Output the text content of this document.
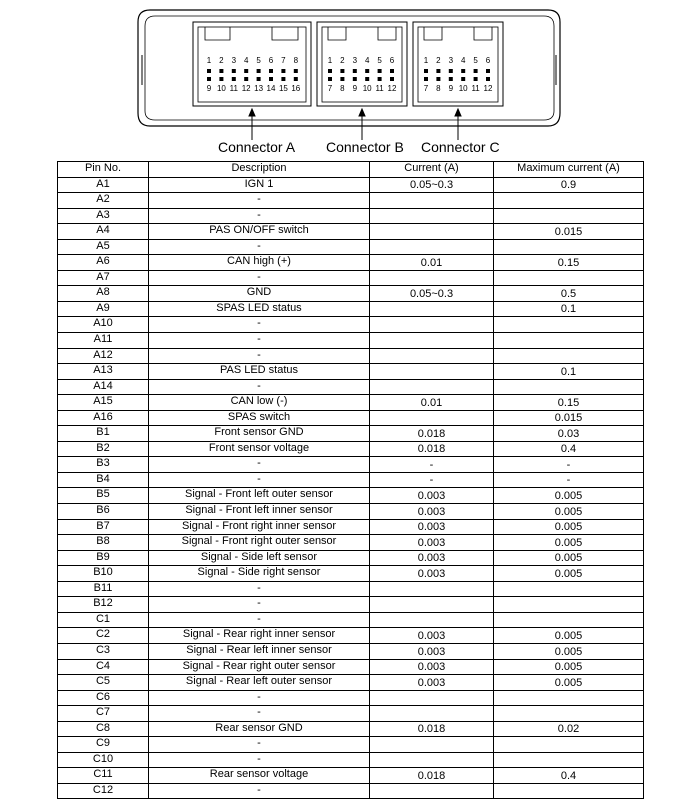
1 2 3 4 5 6 7 8
9 10 11 12 13 14 15 16
1 2 3 4 5 6
7 8 9 10 11 12
1 2 3 4 5 6
7 8 9 10 11 12
Connector A Connector B Connector C
Pin No.	Description	Current (A)	Maximum current (A)
A1	IGN 1	0.05~0.3	0.9
A2	-		
A3	-		
A4	PAS ON/OFF switch		0.015
A5	-		
A6	CAN high (+)	0.01	0.15
A7	-		
A8	GND	0.05~0.3	0.5
A9	SPAS LED status		0.1
A10	-		
A11	-		
A12	-		
A13	PAS LED status		0.1
A14	-		
A15	CAN low (-)	0.01	0.15
A16	SPAS switch		0.015
B1	Front sensor GND	0.018	0.03
B2	Front sensor voltage	0.018	0.4
B3	-	-	-
B4	-	-	-
B5	Signal - Front left outer sensor	0.003	0.005
B6	Signal - Front left inner sensor	0.003	0.005
B7	Signal - Front right inner sensor	0.003	0.005
B8	Signal - Front right outer sensor	0.003	0.005
B9	Signal - Side left sensor	0.003	0.005
B10	Signal - Side right sensor	0.003	0.005
B11	-		
B12	-		
C1	-		
C2	Signal - Rear right inner sensor	0.003	0.005
C3	Signal - Rear left inner sensor	0.003	0.005
C4	Signal - Rear right outer sensor	0.003	0.005
C5	Signal - Rear left outer sensor	0.003	0.005
C6	-		
C7	-		
C8	Rear sensor GND	0.018	0.02
C9	-		
C10	-		
C11	Rear sensor voltage	0.018	0.4
C12	-		
